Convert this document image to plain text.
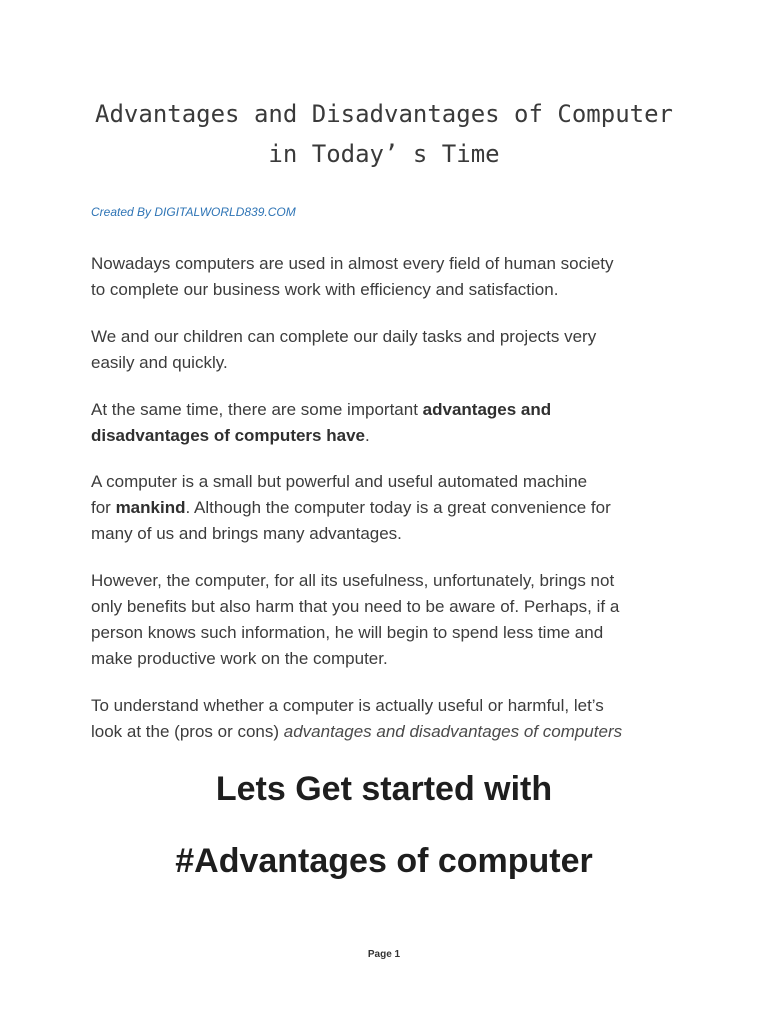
Advantages and Disadvantages of Computer
in Today’ s Time
Created By DIGITALWORLD839.COM
Nowadays computers are used in almost every field of human society
to complete our business work with efficiency and satisfaction.
We and our children can complete our daily tasks and projects very
easily and quickly.
At the same time, there are some important advantages and
disadvantages of computers have.
A computer is a small but powerful and useful automated machine
for mankind. Although the computer today is a great convenience for
many of us and brings many advantages.
However, the computer, for all its usefulness, unfortunately, brings not
only benefits but also harm that you need to be aware of. Perhaps, if a
person knows such information, he will begin to spend less time and
make productive work on the computer.
To understand whether a computer is actually useful or harmful, let’s
look at the (pros or cons) advantages and disadvantages of computers
Lets Get started with
#Advantages of computer
Page 1
